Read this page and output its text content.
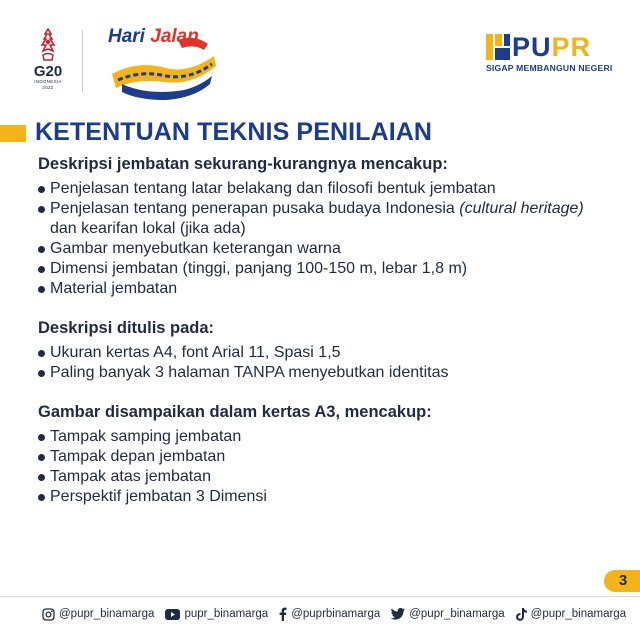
G20
INDONESIA
2022
Hari Jalan	PUPR
SIGAP MEMBANGUN NEGERI
KETENTUAN TEKNIS PENILAIAN
Deskripsi jembatan sekurang-kurangnya mencakup:
Penjelasan tentang latar belakang dan filosofi bentuk jembatan
Penjelasan tentang penerapan pusaka budaya Indonesia (cultural heritage)
dan kearifan lokal (jika ada)
Gambar menyebutkan keterangan warna
Dimensi jembatan (tinggi, panjang 100-150 m, lebar 1,8 m)
Material jembatan
Deskripsi ditulis pada:
Ukuran kertas A4, font Arial 11, Spasi 1,5
Paling banyak 3 halaman TANPA menyebutkan identitas
Gambar disampaikan dalam kertas A3, mencakup:
Tampak samping jembatan
Tampak depan jembatan
Tampak atas jembatan
Perspektif jembatan 3 Dimensi
3
@pupr_binamarga	pupr_binamarga @puprbinamarga	@pupr_binamarga @pupr_binamarga
